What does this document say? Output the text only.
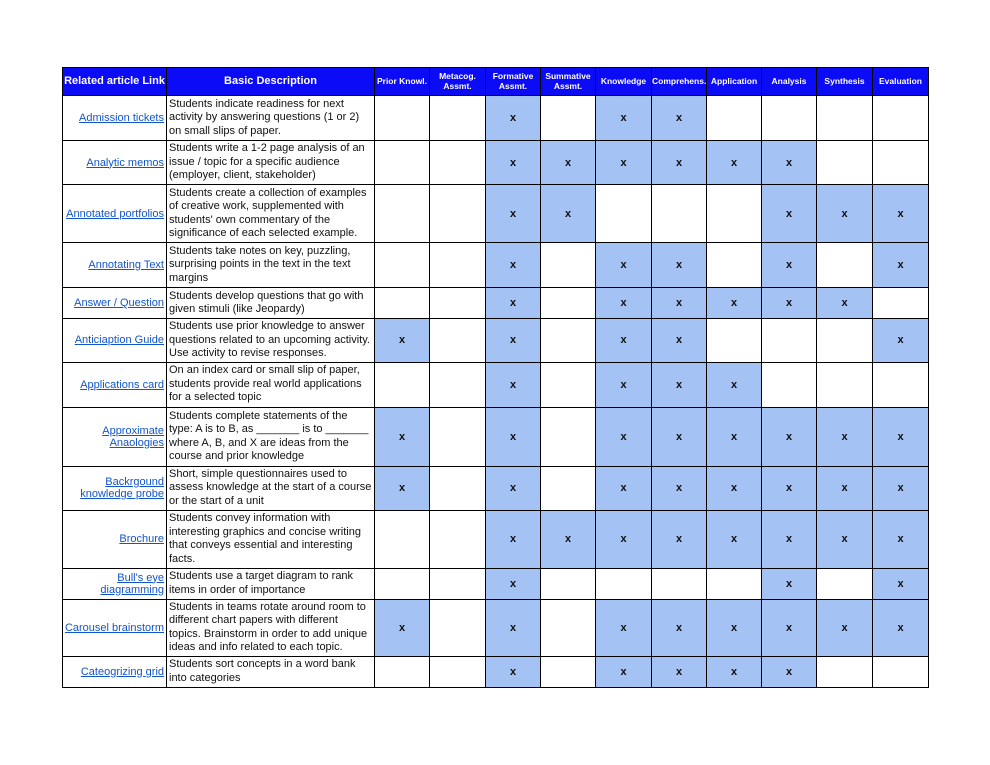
Related article Link	Basic Description	Prior Knowl.	Metacog. Assmt.	Formative Assmt.	Summative Assmt.	Knowledge	Comprehens.	Application	Analysis	Synthesis	Evaluation
Admission tickets	Students indicate readiness for next activity by answering questions (1 or 2) on small slips of paper.			x		x	x				
Analytic memos	Students write a 1-2 page analysis of an issue / topic for a specific audience (employer, client, stakeholder)			x	x	x	x	x	x		
Annotated portfolios	Students create a collection of examples of creative work, supplemented with students' own commentary of the significance of each selected example.			x	x				x	x	x
Annotating Text	Students take notes on key, puzzling, surprising points in the text in the text margins			x		x	x		x		x
Answer / Question	Students develop questions that go with given stimuli (like Jeopardy)			x		x	x	x	x	x	
Anticiaption Guide	Students use prior knowledge to answer questions related to an upcoming activity. Use activity to revise responses.	x		x		x	x				x
Applications card	On an index card or small slip of paper, students provide real world applications for a selected topic			x		x	x	x			
Approximate Anaologies	Students complete statements of the type: A is to B, as _______ is to _______ where A, B, and X are ideas from the course and prior knowledge	x		x		x	x	x	x	x	x
Backrgound knowledge probe	Short, simple questionnaires used to assess knowledge at the start of a course or the start of a unit	x		x		x	x	x	x	x	x
Brochure	Students convey information with interesting graphics and concise writing that conveys essential and interesting facts.			x	x	x	x	x	x	x	x
Bull's eye diagramming	Students use a target diagram to rank items in order of importance			x					x		x
Carousel brainstorm	Students in teams rotate around room to different chart papers with different topics. Brainstorm in order to add unique ideas and info related to each topic.	x		x		x	x	x	x	x	x
Cateogrizing grid	Students sort concepts in a word bank into categories			x		x	x	x	x		
